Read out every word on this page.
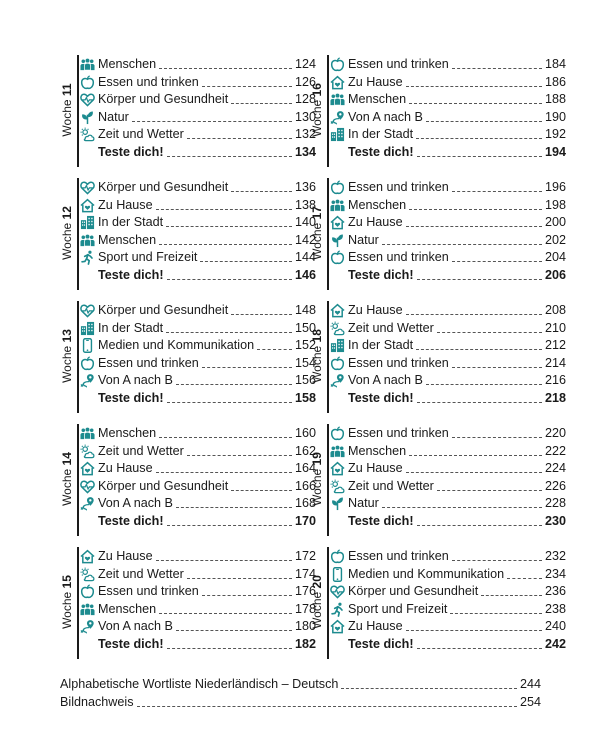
Woche 11
Menschen	124
Essen und trinken	126
Körper und Gesundheit	128
Natur	130
Zeit und Wetter	132
Teste dich!	134
Woche 16
Essen und trinken	184
Zu Hause	186
Menschen	188
Von A nach B	190
In der Stadt	192
Teste dich!	194
Woche 12
Körper und Gesundheit	136
Zu Hause	138
In der Stadt	140
Menschen	142
Sport und Freizeit	144
Teste dich!	146
Woche 17
Essen und trinken	196
Menschen	198
Zu Hause	200
Natur	202
Essen und trinken	204
Teste dich!	206
Woche 13
Körper und Gesundheit	148
In der Stadt	150
Medien und Kommunikation	152
Essen und trinken	154
Von A nach B	156
Teste dich!	158
Woche 18
Zu Hause	208
Zeit und Wetter	210
In der Stadt	212
Essen und trinken	214
Von A nach B	216
Teste dich!	218
Woche 14
Menschen	160
Zeit und Wetter	162
Zu Hause	164
Körper und Gesundheit	166
Von A nach B	168
Teste dich!	170
Woche 19
Essen und trinken	220
Menschen	222
Zu Hause	224
Zeit und Wetter	226
Natur	228
Teste dich!	230
Woche 15
Zu Hause	172
Zeit und Wetter	174
Essen und trinken	176
Menschen	178
Von A nach B	180
Teste dich!	182
Woche 20
Essen und trinken	232
Medien und Kommunikation	234
Körper und Gesundheit	236
Sport und Freizeit	238
Zu Hause	240
Teste dich!	242
Alphabetische Wortliste Niederländisch – Deutsch	244
Bildnachweis	254
